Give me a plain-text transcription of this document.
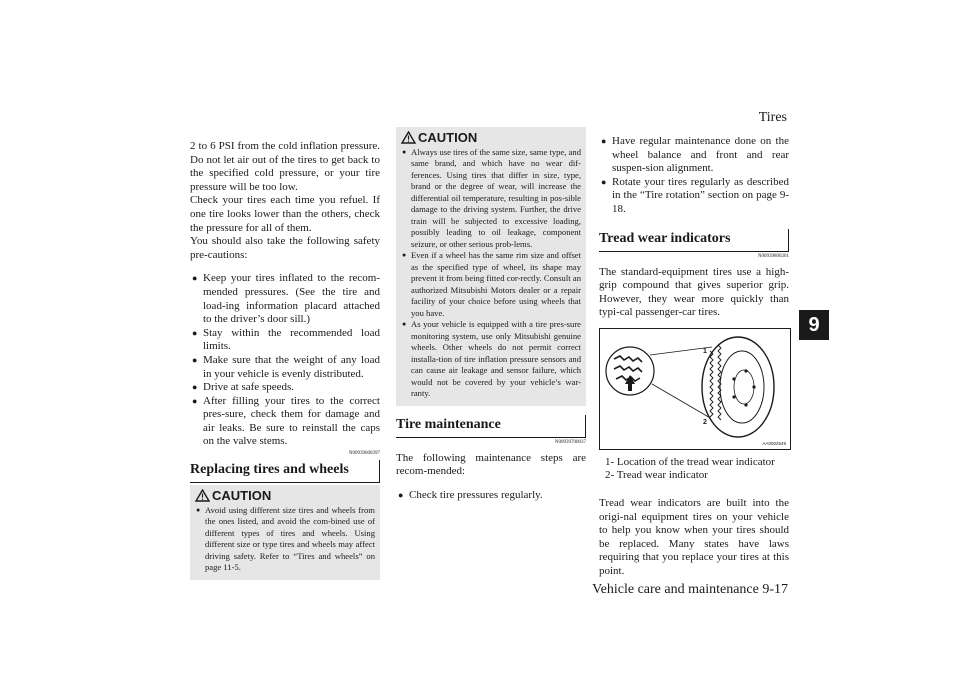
Tires
9

2 to 6 PSI from the cold inflation pressure. Do not let air out of the tires to get back to the specified cold pressure, or your tire pressure will be too low.

Check your tires each time you refuel. If one tire looks lower than the others, check the pressure for all of them.

You should also take the following safety pre-cautions:

● Keep your tires inflated to the recom-mended pressures. (See the tire and load-ing information placard attached to the driver’s door sill.)
● Stay within the recommended load limits.
● Make sure that the weight of any load in your vehicle is evenly distributed.
● Drive at safe speeds.
● After filling your tires to the correct pres-sure, check them for damage and air leaks. Be sure to reinstall the caps on the valve stems.
N00939600397
Replacing tires and wheels
CAUTION
● Avoid using different size tires and wheels from the ones listed, and avoid the com-bined use of different types of tires and wheels. Using different size or type tires and wheels may affect driving safety. Refer to “Tires and wheels” on page 11-5.
CAUTION
● Always use tires of the same size, same type, and same brand, and which have no wear dif-ferences. Using tires that differ in size, type, brand or the degree of wear, will increase the differential oil temperature, resulting in pos-sible damage to the driving system. Further, the drive train will be subjected to excessive loading, possibly leading to oil leakage, component seizure, or other serious prob-lems.
● Even if a wheel has the same rim size and offset as the specified type of wheel, its shape may prevent it from being fitted cor-rectly. Consult an authorized Mitsubishi Motors dealer or a repair facility of your choice before using wheels that you have.
● As your vehicle is equipped with a tire pres-sure monitoring system, use only Mitsubishi genuine wheels. Other wheels do not permit correct installa-tion of tire inflation pressure sensors and can cause air leakage and sensor failure, which would not be covered by your vehicle’s war-ranty.
Tire maintenance
N00939700037

The following maintenance steps are recom-mended:

● Check tire pressures regularly.
● Have regular maintenance done on the wheel balance and front and rear suspen-sion alignment.
● Rotate your tires regularly as described in the “Tire rotation” section on page 9-18.
Tread wear indicators
N00939800201

The standard-equipment tires use a high-grip compound that gives superior grip. However, they wear more quickly than typi-cal passenger-car tires.

1
2
AA0002549
1- Location of the tread wear indicator
2- Tread wear indicator

Tread wear indicators are built into the origi-nal equipment tires on your vehicle to help you know when your tires should be replaced. Many states have laws requiring that you replace your tires at this point.

Vehicle care and maintenance 9-17
